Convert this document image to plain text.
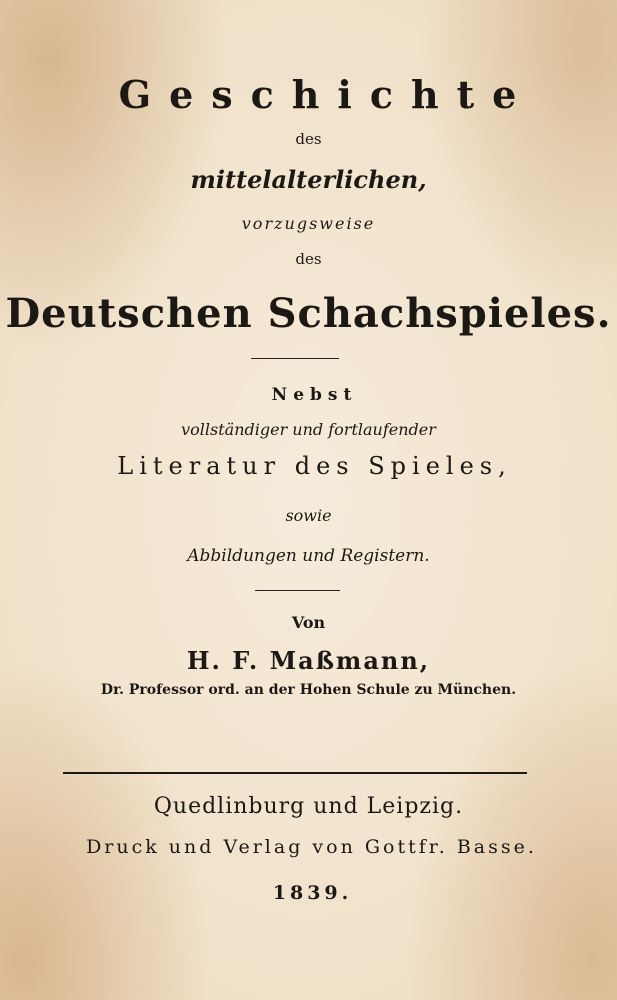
Geschichte
des
mittelalterlichen,
vorzugsweise
des
Deutschen Schachspieles.
Nebst
vollständiger und fortlaufender
Literatur des Spieles,
sowie
Abbildungen und Registern.
Von
H. F. Maßmann,
Dr. Professor ord. an der Hohen Schule zu München.
Quedlinburg und Leipzig.
Druck und Verlag von Gottfr. Basse.
1839.
